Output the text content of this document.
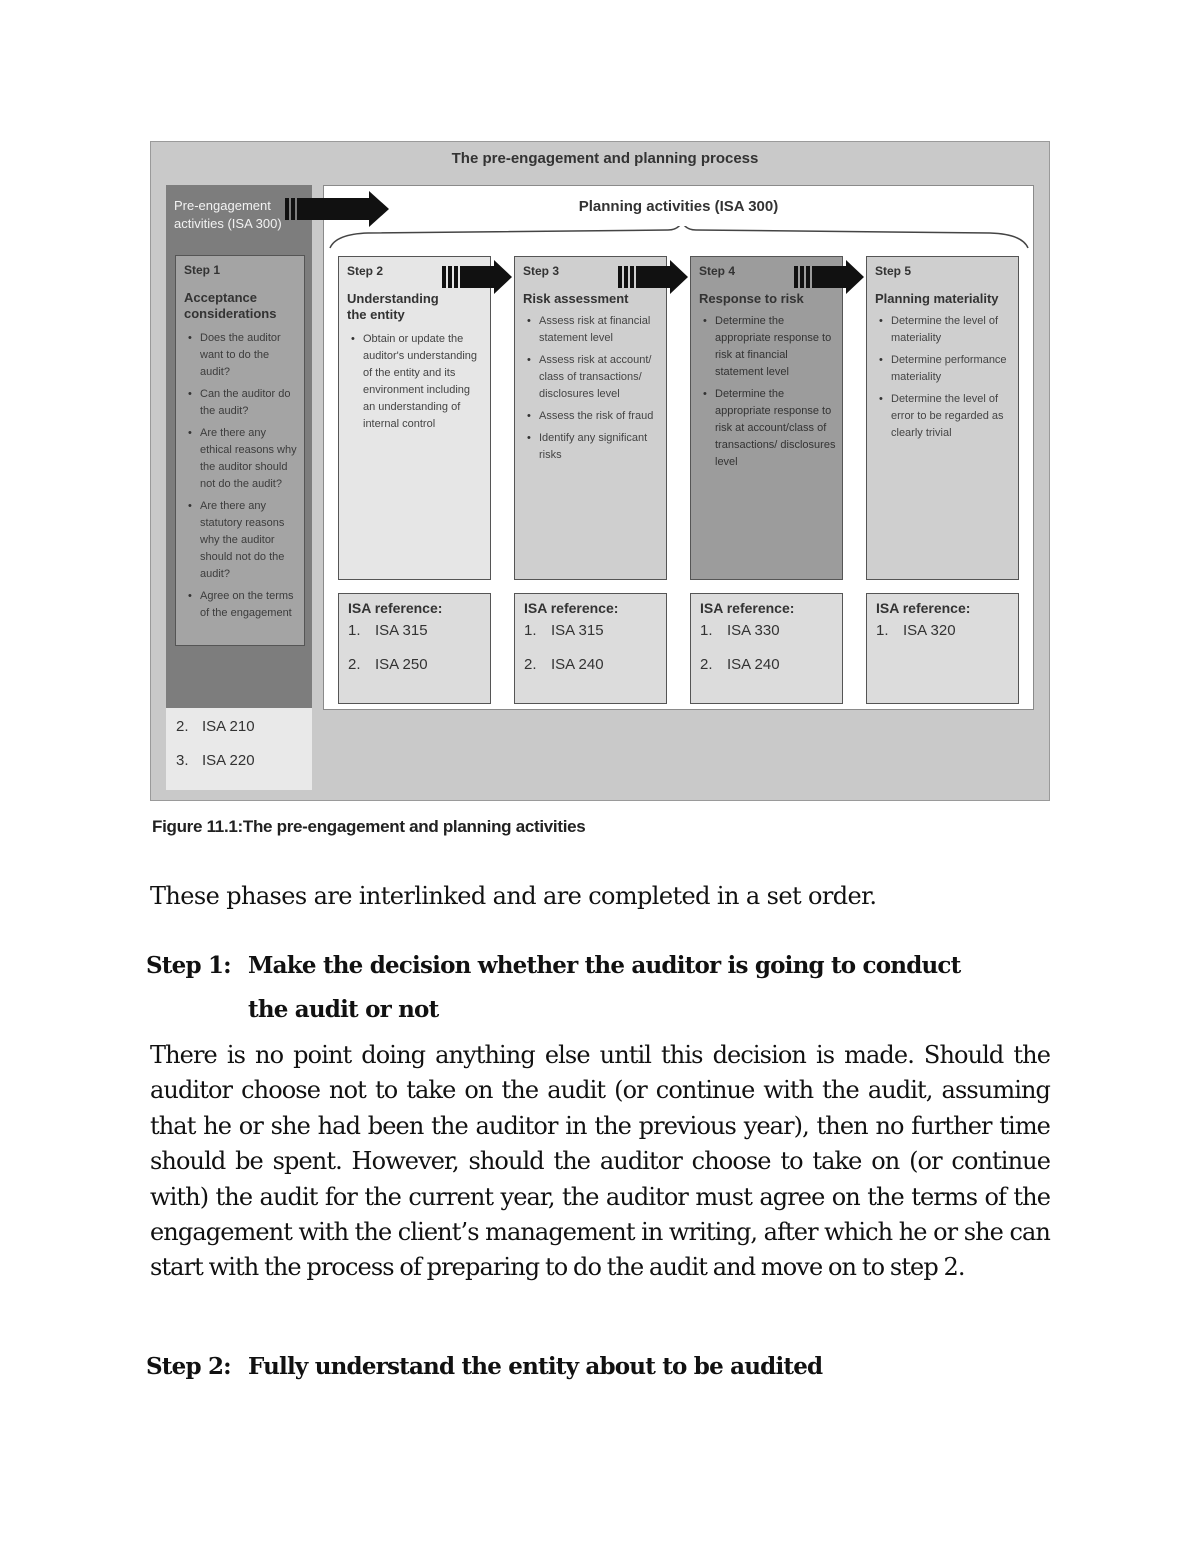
The pre-engagement and planning process
Pre-engagement
activities (ISA 300)
Step 1
Acceptance
considerations
• Does the auditor want to do the audit?
• Can the auditor do the audit?
• Are there any ethical reasons why the auditor should not do the audit?
• Are there any statutory reasons why the auditor should not do the audit?
• Agree on the terms of the engagement
2. ISA 210
3. ISA 220
Planning activities (ISA 300)
Step 2
Understanding
the entity
• Obtain or update the auditor's understanding of the entity and its environment including an understanding of internal control
ISA reference:
1. ISA 315
2. ISA 250
Step 3
Risk assessment
• Assess risk at financial statement level
• Assess risk at account/ class of transactions/ disclosures level
• Assess the risk of fraud
• Identify any significant risks
ISA reference:
1. ISA 315
2. ISA 240
Step 4
Response to risk
• Determine the appropriate response to risk at financial statement level
• Determine the appropriate response to risk at account/class of transactions/ disclosures level
ISA reference:
1. ISA 330
2. ISA 240
Step 5
Planning materiality
• Determine the level of materiality
• Determine performance materiality
• Determine the level of error to be regarded as clearly trivial
ISA reference:
1. ISA 320
Figure 11.1:The pre-engagement and planning activities
These phases are interlinked and are completed in a set order.
Step 1: Make the decision whether the auditor is going to conduct
the audit or not
There is no point doing anything else until this decision is made. Should the auditor choose not to take on the audit (or continue with the audit, assuming that he or she had been the auditor in the previous year), then no further time should be spent. However, should the auditor choose to take on (or continue with) the audit for the current year, the auditor must agree on the terms of the engagement with the client’s management in writing, after which he or she can start with the process of preparing to do the audit and move on to step 2.
Step 2: Fully understand the entity about to be audited
